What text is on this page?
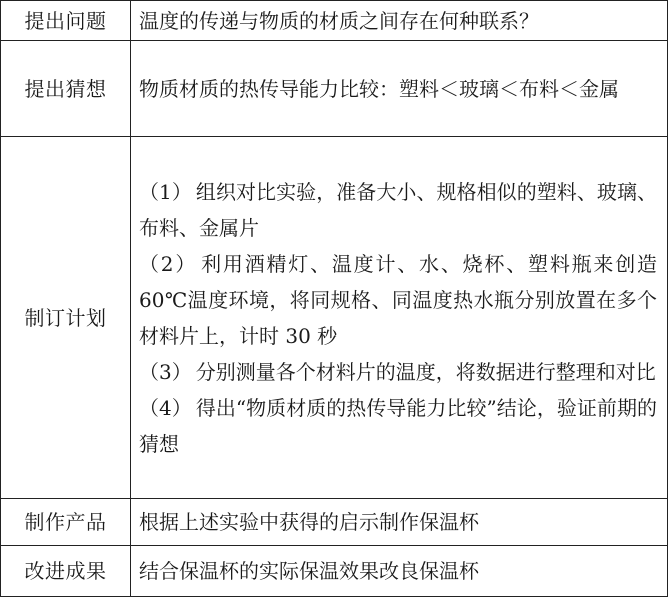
提出问题	温度的传递与物质的材质之间存在何种联系？
提出猜想	物质材质的热传导能力比较：塑料＜玻璃＜布料＜金属
制订计划	（1） 组织对比实验，准备大小、规格相似的塑料、玻璃、布料、金属片
（2） 利用酒精灯、温度计、水、烧杯、塑料瓶来创造 60℃温度环境，将同规格、同温度热水瓶分别放置在多个材料片上，计时 30 秒
（3） 分别测量各个材料片的温度，将数据进行整理和对比
（4） 得出“物质材质的热传导能力比较”结论，验证前期的猜想

制作产品	根据上述实验中获得的启示制作保温杯
改进成果	结合保温杯的实际保温效果改良保温杯
